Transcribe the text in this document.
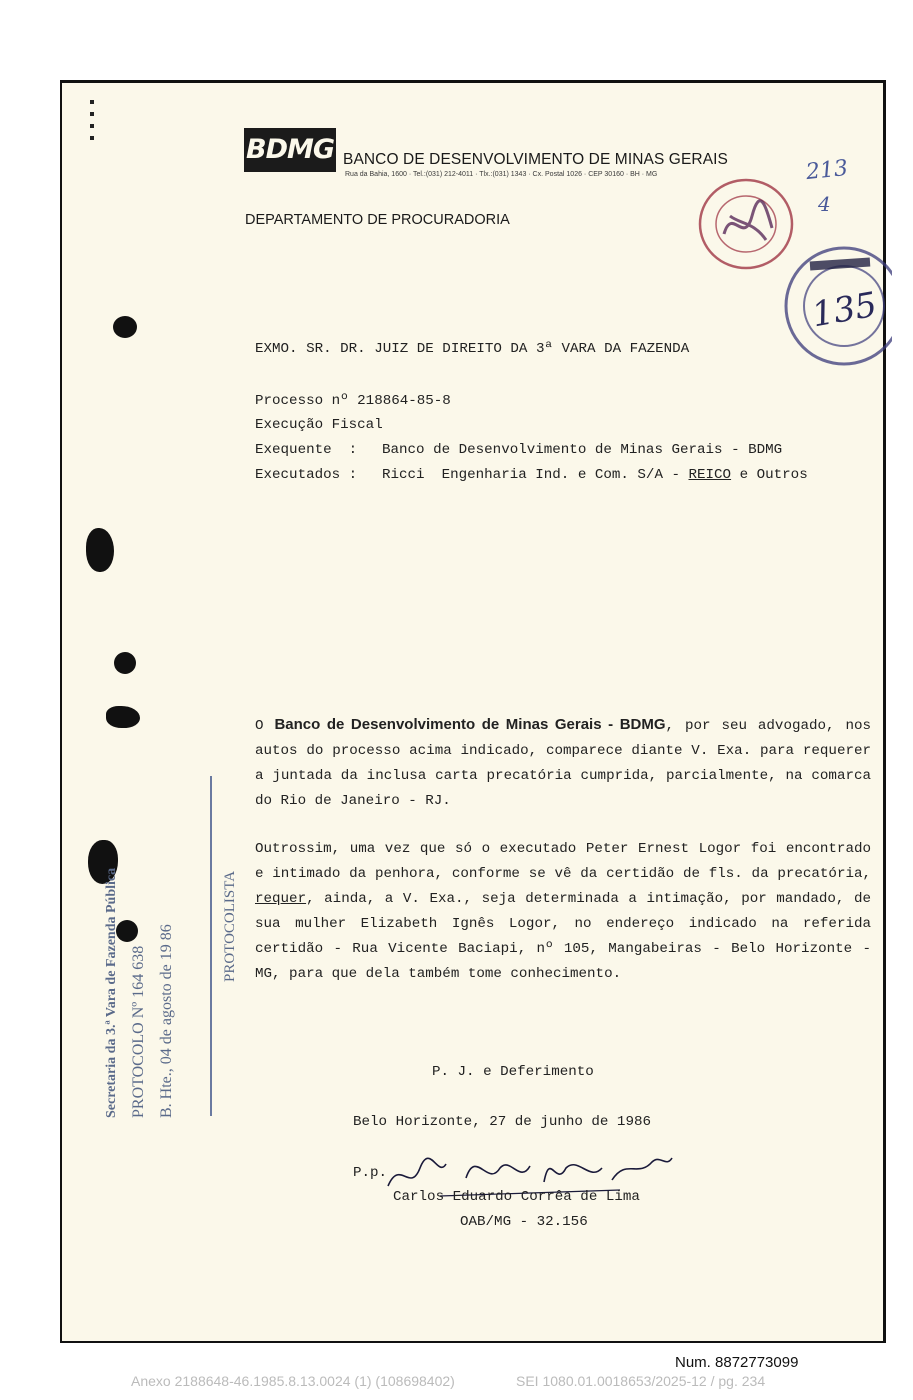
BDMG BANCO DE DESENVOLVIMENTO DE MINAS GERAIS
Rua da Bahia, 1600 · Tel.:(031) 212-4011 · Tlx.:(031) 1343 · Cx. Postal 1026 · CEP 30160 · BH · MG
DEPARTAMENTO DE PROCURADORIA
213
4
135
EXMO. SR. DR. JUIZ DE DIREITO DA 3ª VARA DA FAZENDA
Processo nº 218864-85-8
Execução Fiscal
Exequente  : Banco de Desenvolvimento de Minas Gerais - BDMG
Executados : Ricci  Engenharia Ind. e Com. S/A - REICO e Outros
O Banco de Desenvolvimento de Minas Gerais - BDMG, por seu advogado, nos autos do processo acima indicado, comparece diante V. Exa. para requerer a juntada da inclusa carta precatória cumprida, parcialmente, na comarca do Rio de Janeiro - RJ.
Outrossim, uma vez que só o executado Peter Ernest Logor foi encontrado e intimado da penhora, conforme se vê da certidão de fls. da precatória, requer, ainda, a V. Exa., seja determinada a intimação, por mandado, de sua mulher Elizabeth Ignês Logor, no endereço indicado na referida certidão - Rua Vicente Baciapi, nº 105, Mangabeiras - Belo Horizonte - MG, para que dela também tome conhecimento.
P. J. e Deferimento
Belo Horizonte, 27 de junho de 1986
P.p.
Carlos Eduardo Corrêa de Lima
OAB/MG - 32.156
Secretaria da 3.ª Vara de Fazenda Pública PROTOCOLO Nº 164 638 B. Hte., 04 de agosto de 19 86	PROTOCOLISTA
Num. 8872773099
Anexo 2188648-46.1985.8.13.0024 (1) (108698402)	SEI 1080.01.0018653/2025-12 / pg. 234
